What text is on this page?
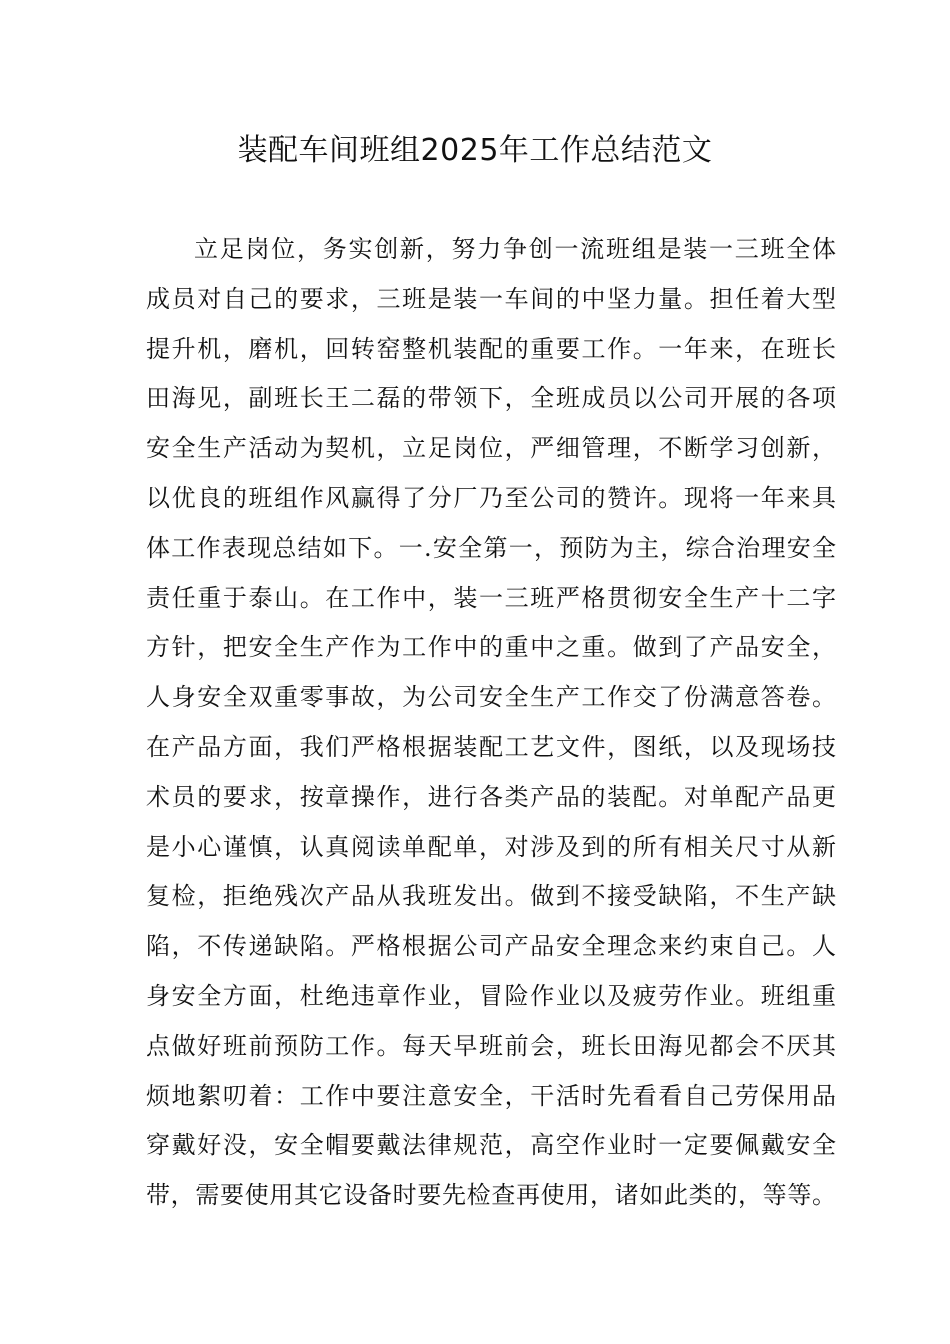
装配车间班组2025年工作总结范文
立足岗位，务实创新，努力争创一流班组是装一三班全体
成员对自己的要求，三班是装一车间的中坚力量。担任着大型
提升机，磨机，回转窑整机装配的重要工作。一年来，在班长
田海见，副班长王二磊的带领下，全班成员以公司开展的各项
安全生产活动为契机，立足岗位，严细管理，不断学习创新，
以优良的班组作风赢得了分厂乃至公司的赞许。现将一年来具
体工作表现总结如下。一.安全第一，预防为主，综合治理安全
责任重于泰山。在工作中，装一三班严格贯彻安全生产十二字
方针，把安全生产作为工作中的重中之重。做到了产品安全，
人身安全双重零事故，为公司安全生产工作交了份满意答卷。
在产品方面，我们严格根据装配工艺文件，图纸，以及现场技
术员的要求，按章操作，进行各类产品的装配。对单配产品更
是小心谨慎，认真阅读单配单，对涉及到的所有相关尺寸从新
复检，拒绝残次产品从我班发出。做到不接受缺陷，不生产缺
陷，不传递缺陷。严格根据公司产品安全理念来约束自己。人
身安全方面，杜绝违章作业，冒险作业以及疲劳作业。班组重
点做好班前预防工作。每天早班前会，班长田海见都会不厌其
烦地絮叨着：工作中要注意安全，干活时先看看自己劳保用品
穿戴好没，安全帽要戴法律规范，高空作业时一定要佩戴安全
带，需要使用其它设备时要先检查再使用，诸如此类的，等等。
